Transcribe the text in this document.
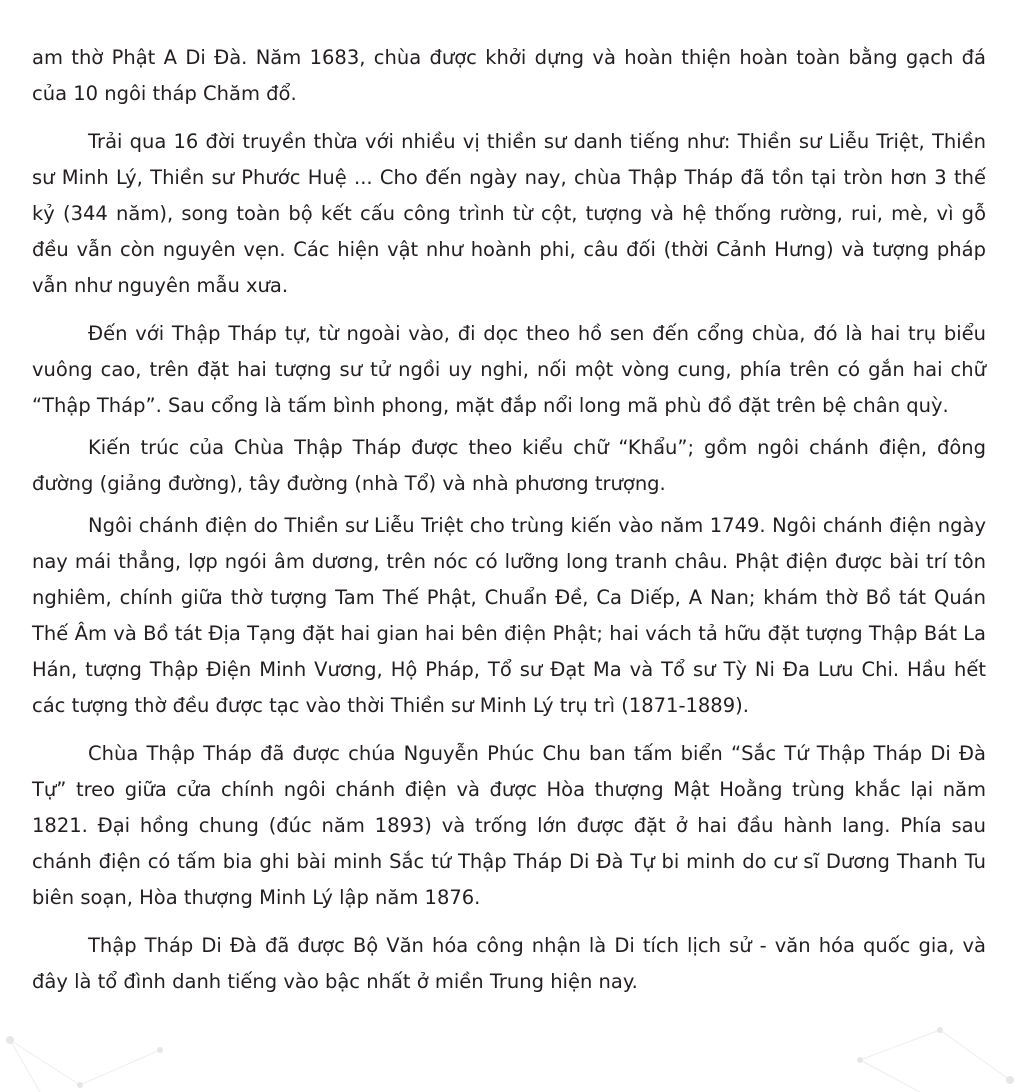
am thờ Phật A Di Đà. Năm 1683, chùa được khởi dựng và hoàn thiện hoàn toàn bằng gạch đá của 10 ngôi tháp Chăm đổ.

Trải qua 16 đời truyền thừa với nhiều vị thiền sư danh tiếng như: Thiền sư Liễu Triệt, Thiền sư Minh Lý, Thiền sư Phước Huệ ... Cho đến ngày nay, chùa Thập Tháp đã tồn tại tròn hơn 3 thế kỷ (344 năm), song toàn bộ kết cấu công trình từ cột, tượng và hệ thống rường, rui, mè, vì gỗ đều vẫn còn nguyên vẹn. Các hiện vật như hoành phi, câu đối (thời Cảnh Hưng) và tượng pháp vẫn như nguyên mẫu xưa.

Đến với Thập Tháp tự, từ ngoài vào, đi dọc theo hồ sen đến cổng chùa, đó là hai trụ biểu vuông cao, trên đặt hai tượng sư tử ngồi uy nghi, nối một vòng cung, phía trên có gắn hai chữ “Thập Tháp”. Sau cổng là tấm bình phong, mặt đắp nổi long mã phù đồ đặt trên bệ chân quỳ.

Kiến trúc của Chùa Thập Tháp được theo kiểu chữ “Khẩu”; gồm ngôi chánh điện, đông đường (giảng đường), tây đường (nhà Tổ) và nhà phương trượng.

Ngôi chánh điện do Thiền sư Liễu Triệt cho trùng kiến vào năm 1749. Ngôi chánh điện ngày nay mái thẳng, lợp ngói âm dương, trên nóc có lưỡng long tranh châu. Phật điện được bài trí tôn nghiêm, chính giữa thờ tượng Tam Thế Phật, Chuẩn Đề, Ca Diếp, A Nan; khám thờ Bồ tát Quán Thế Âm và Bồ tát Địa Tạng đặt hai gian hai bên điện Phật; hai vách tả hữu đặt tượng Thập Bát La Hán, tượng Thập Điện Minh Vương, Hộ Pháp, Tổ sư Đạt Ma và Tổ sư Tỳ Ni Đa Lưu Chi. Hầu hết các tượng thờ đều được tạc vào thời Thiền sư Minh Lý trụ trì (1871-1889).

Chùa Thập Tháp đã được chúa Nguyễn Phúc Chu ban tấm biển “Sắc Tứ Thập Tháp Di Đà Tự” treo giữa cửa chính ngôi chánh điện và được Hòa thượng Mật Hoằng trùng khắc lại năm 1821. Đại hồng chung (đúc năm 1893) và trống lớn được đặt ở hai đầu hành lang. Phía sau chánh điện có tấm bia ghi bài minh Sắc tứ Thập Tháp Di Đà Tự bi minh do cư sĩ Dương Thanh Tu biên soạn, Hòa thượng Minh Lý lập năm 1876.

Thập Tháp Di Đà đã được Bộ Văn hóa công nhận là Di tích lịch sử - văn hóa quốc gia, và đây là tổ đình danh tiếng vào bậc nhất ở miền Trung hiện nay.
